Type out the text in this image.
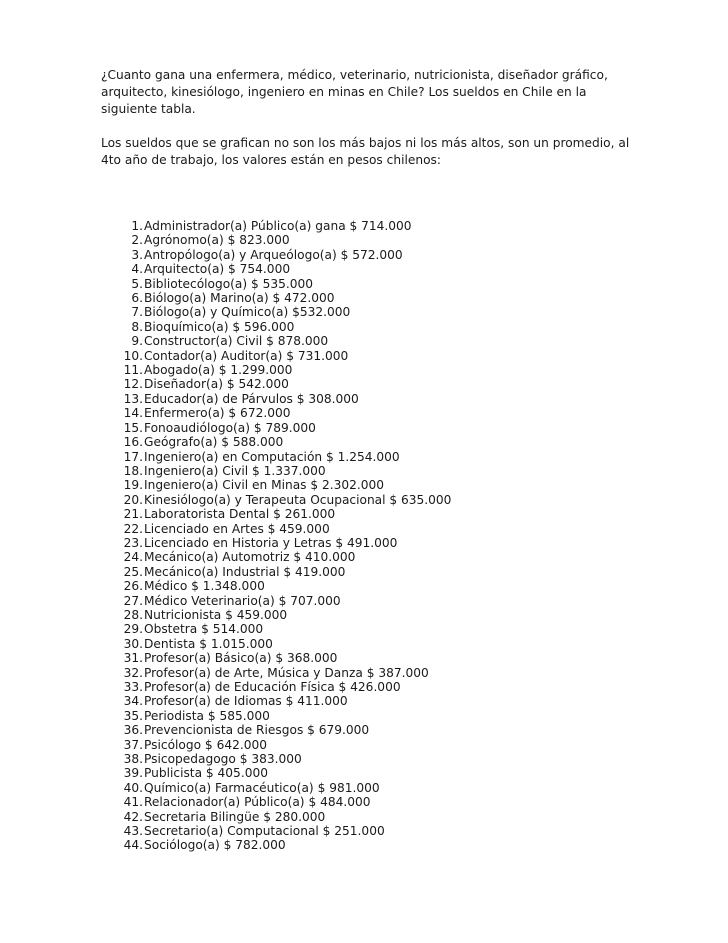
¿Cuanto gana una enfermera, médico, veterinario, nutricionista, diseñador gráfico, arquitecto, kinesiólogo, ingeniero en minas en Chile? Los sueldos en Chile en la siguiente tabla.

Los sueldos que se grafican no son los más bajos ni los más altos, son un promedio, al 4to año de trabajo, los valores están en pesos chilenos:

1. Administrador(a) Público(a) gana $ 714.000
2. Agrónomo(a) $ 823.000
3. Antropólogo(a) y Arqueólogo(a) $ 572.000
4. Arquitecto(a) $ 754.000
5. Bibliotecólogo(a) $ 535.000
6. Biólogo(a) Marino(a) $ 472.000
7. Biólogo(a) y Químico(a) $532.000
8. Bioquímico(a) $ 596.000
9. Constructor(a) Civil $ 878.000
10. Contador(a) Auditor(a) $ 731.000
11. Abogado(a) $ 1.299.000
12. Diseñador(a) $ 542.000
13. Educador(a) de Párvulos $ 308.000
14. Enfermero(a) $ 672.000
15. Fonoaudiólogo(a) $ 789.000
16. Geógrafo(a) $ 588.000
17. Ingeniero(a) en Computación $ 1.254.000
18. Ingeniero(a) Civil $ 1.337.000
19. Ingeniero(a) Civil en Minas $ 2.302.000
20. Kinesiólogo(a) y Terapeuta Ocupacional $ 635.000
21. Laboratorista Dental $ 261.000
22. Licenciado en Artes $ 459.000
23. Licenciado en Historia y Letras $ 491.000
24. Mecánico(a) Automotriz $ 410.000
25. Mecánico(a) Industrial $ 419.000
26. Médico $ 1.348.000
27. Médico Veterinario(a) $ 707.000
28. Nutricionista $ 459.000
29. Obstetra $ 514.000
30. Dentista $ 1.015.000
31. Profesor(a) Básico(a) $ 368.000
32. Profesor(a) de Arte, Música y Danza $ 387.000
33. Profesor(a) de Educación Física $ 426.000
34. Profesor(a) de Idiomas $ 411.000
35. Periodista $ 585.000
36. Prevencionista de Riesgos $ 679.000
37. Psicólogo $ 642.000
38. Psicopedagogo $ 383.000
39. Publicista $ 405.000
40. Químico(a) Farmacéutico(a) $ 981.000
41. Relacionador(a) Público(a) $ 484.000
42. Secretaria Bilingüe $ 280.000
43. Secretario(a) Computacional $ 251.000
44. Sociólogo(a) $ 782.000
